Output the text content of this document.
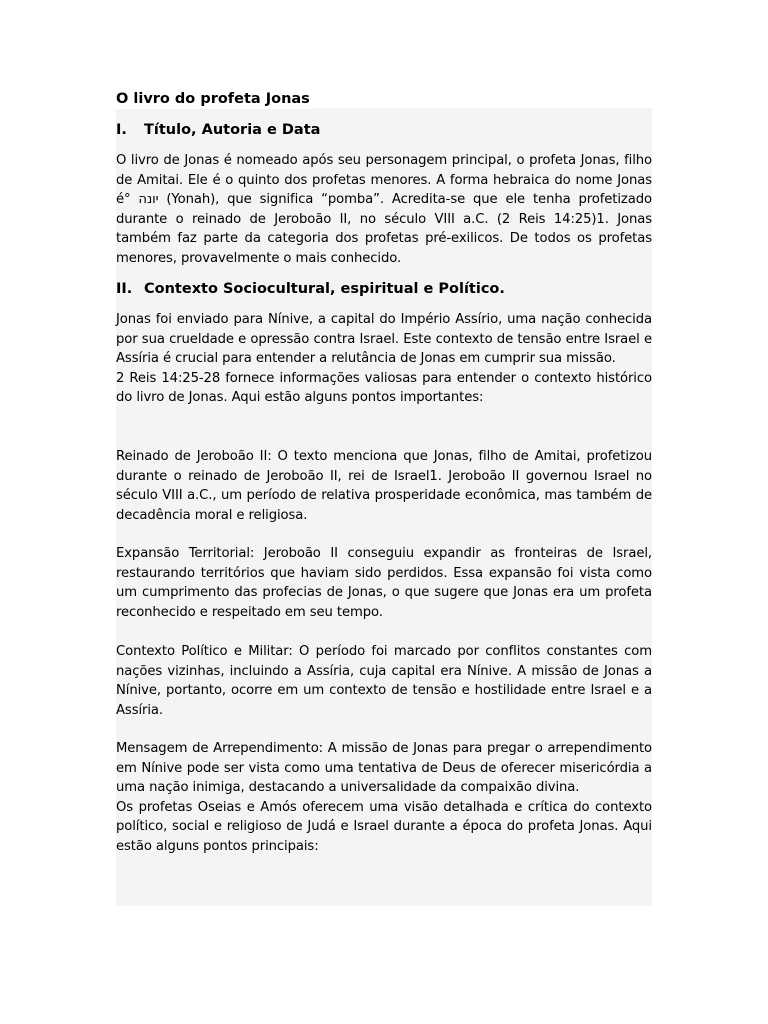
O livro do profeta Jonas
I. Título, Autoria e Data

O livro de Jonas é nomeado após seu personagem principal, o profeta Jonas, filho de Amitai. Ele é o quinto dos profetas menores. A forma hebraica do nome Jonas é° יונה (Yonah), que significa “pomba”. Acredita-se que ele tenha profetizado durante o reinado de Jeroboão II, no século VIII a.C. (2 Reis 14:25)1. Jonas também faz parte da categoria dos profetas pré-exilicos. De todos os profetas menores, provavelmente o mais conhecido.

II. Contexto Sociocultural, espiritual e Político.

Jonas foi enviado para Nínive, a capital do Império Assírio, uma nação conhecida por sua crueldade e opressão contra Israel. Este contexto de tensão entre Israel e Assíria é crucial para entender a relutância de Jonas em cumprir sua missão.
2 Reis 14:25-28 fornece informações valiosas para entender o contexto histórico do livro de Jonas. Aqui estão alguns pontos importantes:

Reinado de Jeroboão II: O texto menciona que Jonas, filho de Amitai, profetizou durante o reinado de Jeroboão II, rei de Israel1. Jeroboão II governou Israel no século VIII a.C., um período de relativa prosperidade econômica, mas também de decadência moral e religiosa.

Expansão Territorial: Jeroboão II conseguiu expandir as fronteiras de Israel, restaurando territórios que haviam sido perdidos. Essa expansão foi vista como um cumprimento das profecias de Jonas, o que sugere que Jonas era um profeta reconhecido e respeitado em seu tempo.

Contexto Político e Militar: O período foi marcado por conflitos constantes com nações vizinhas, incluindo a Assíria, cuja capital era Nínive. A missão de Jonas a Nínive, portanto, ocorre em um contexto de tensão e hostilidade entre Israel e a Assíria.

Mensagem de Arrependimento: A missão de Jonas para pregar o arrependimento em Nínive pode ser vista como uma tentativa de Deus de oferecer misericórdia a uma nação inimiga, destacando a universalidade da compaixão divina.
Os profetas Oseias e Amós oferecem uma visão detalhada e crítica do contexto político, social e religioso de Judá e Israel durante a época do profeta Jonas. Aqui estão alguns pontos principais:
